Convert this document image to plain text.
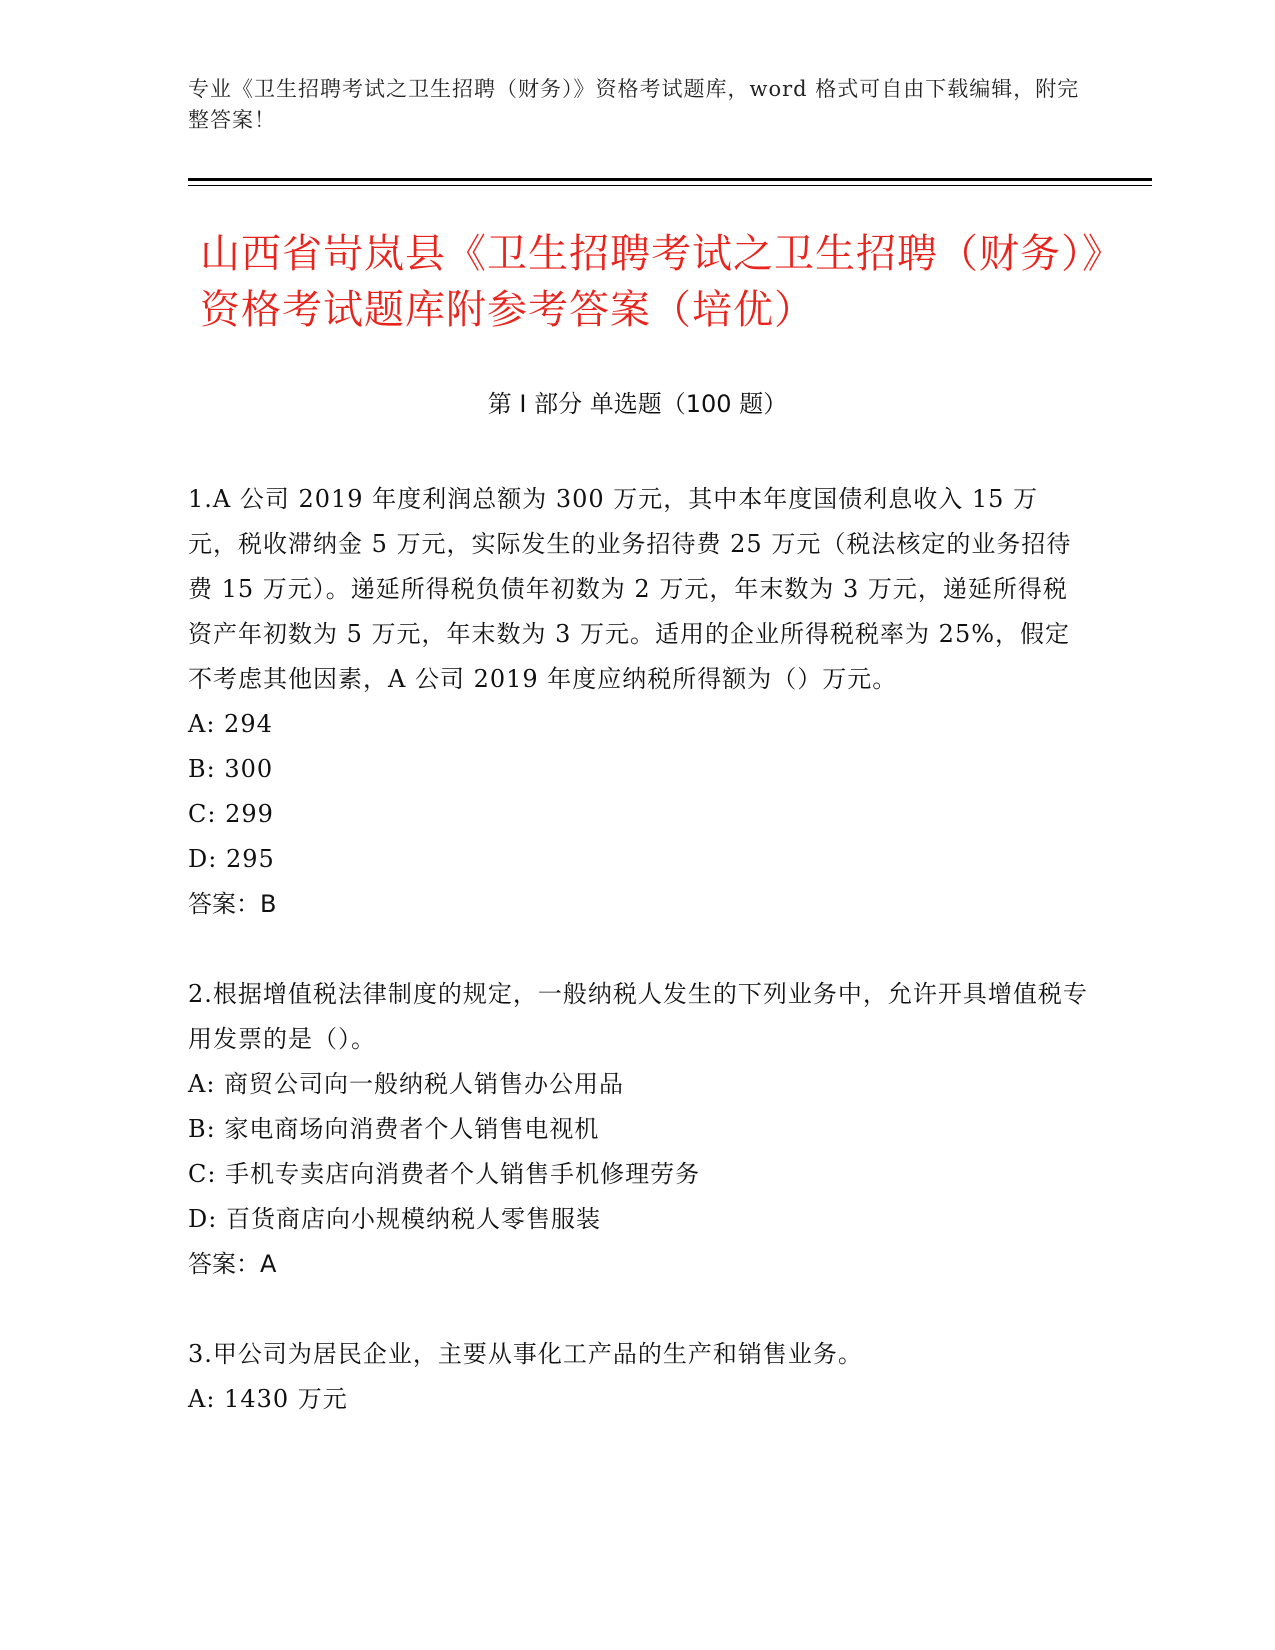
专业《卫生招聘考试之卫生招聘（财务）》资格考试题库，word 格式可自由下载编辑，附完整答案！
山西省岢岚县《卫生招聘考试之卫生招聘（财务）》资格考试题库附参考答案（培优）
第 I 部分 单选题（100 题）
1.A 公司 2019 年度利润总额为 300 万元，其中本年度国债利息收入 15 万元，税收滞纳金 5 万元，实际发生的业务招待费 25 万元（税法核定的业务招待费 15 万元）。递延所得税负债年初数为 2 万元，年末数为 3 万元，递延所得税资产年初数为 5 万元，年末数为 3 万元。适用的企业所得税税率为 25%，假定不考虑其他因素，A 公司 2019 年度应纳税所得额为（）万元。
A: 294
B: 300
C: 299
D: 295
答案：B
2.根据增值税法律制度的规定，一般纳税人发生的下列业务中，允许开具增值税专用发票的是（）。
A: 商贸公司向一般纳税人销售办公用品
B: 家电商场向消费者个人销售电视机
C: 手机专卖店向消费者个人销售手机修理劳务
D: 百货商店向小规模纳税人零售服装
答案：A
3.甲公司为居民企业，主要从事化工产品的生产和销售业务。
A: 1430 万元
